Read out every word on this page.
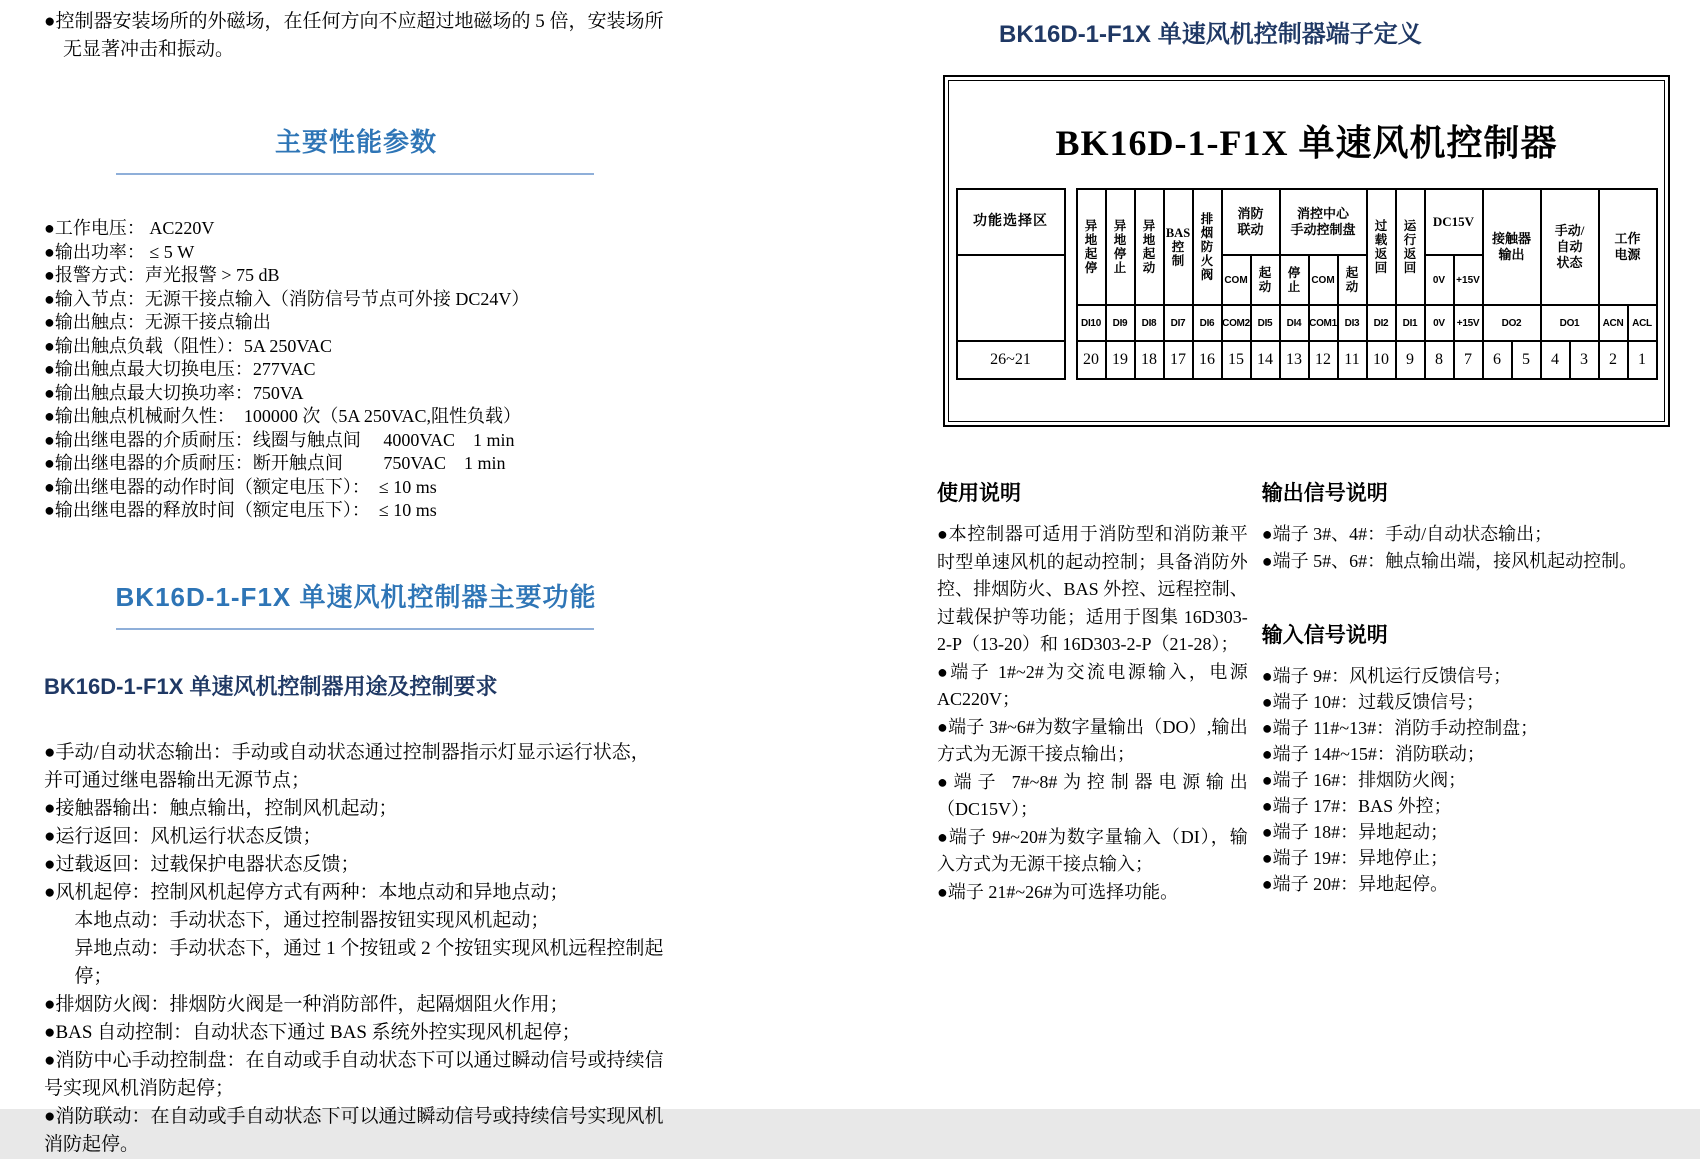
●控制器安装场所的外磁场，在任何方向不应超过地磁场的 5 倍，安装场所无显著冲击和振动。
主要性能参数
●工作电压： AC220V
●输出功率： ≤ 5 W
●报警方式：声光报警 > 75 dB
●输入节点：无源干接点输入（消防信号节点可外接 DC24V）
●输出触点：无源干接点输出
●输出触点负载（阻性）：5A 250VAC
●输出触点最大切换电压：277VAC
●输出触点最大切换功率：750VA
●输出触点机械耐久性：  100000 次（5A 250VAC,阻性负载）
●输出继电器的介质耐压：线圈与触点间　 4000VAC　1 min
●输出继电器的介质耐压：断开触点间　　 750VAC　1 min
●输出继电器的动作时间（额定电压下）：  ≤ 10 ms
●输出继电器的释放时间（额定电压下）：  ≤ 10 ms
BK16D-1-F1X 单速风机控制器主要功能
BK16D-1-F1X 单速风机控制器用途及控制要求
●手动/自动状态输出：手动或自动状态通过控制器指示灯显示运行状态，并可通过继电器输出无源节点；
●接触器输出：触点输出，控制风机起动；
●运行返回：风机运行状态反馈；
●过载返回：过载保护电器状态反馈；
●风机起停：控制风机起停方式有两种：本地点动和异地点动；
本地点动：手动状态下，通过控制器按钮实现风机起动；
异地点动：手动状态下，通过 1 个按钮或 2 个按钮实现风机远程控制起停；
●排烟防火阀：排烟防火阀是一种消防部件，起隔烟阻火作用；
●BAS 自动控制：自动状态下通过 BAS 系统外控实现风机起停；
●消防中心手动控制盘：在自动或手自动状态下可以通过瞬动信号或持续信号实现风机消防起停；
●消防联动：在自动或手自动状态下可以通过瞬动信号或持续信号实现风机消防起停。
BK16D-1-F1X 单速风机控制器端子定义
BK16D-1-F1X 单速风机控制器
功能选择区
26~21
异
地
起
停
DI10
20
异
地
停
止
DI9
19
异
地
起
动
DI8
18
BAS
控
制
DI7
17
排
烟
防
火
阀
DI6
16
消防
联动
COM
COM2
15
起
动
DI5
14
消控中心
手动控制盘
停
止
DI4
13
COM
COM1
12
起
动
DI3
11
过
载
返
回
DI2
10
运
行
返
回
DI1
9
DC15V
0V
0V
8
+15V
+15V
7
接触器
输出
DO2
6 5
手动/
自动
状态
DO1
4 3
工作
电源
ACN
2
ACL
1
使用说明
●本控制器可适用于消防型和消防兼平时型单速风机的起动控制；具备消防外控、排烟防火、BAS 外控、远程控制、过载保护等功能；适用于图集 16D303-2-P（13-20）和 16D303-2-P（21-28）；
●端子 1#~2#为交流电源输入，电源 AC220V；
●端子 3#~6#为数字量输出（DO）,输出方式为无源干接点输出；
●端子 7#~8#为控制器电源输出（DC15V）；
●端子 9#~20#为数字量输入（DI），输入方式为无源干接点输入；
●端子 21#~26#为可选择功能。
输出信号说明
●端子 3#、4#：手动/自动状态输出；
●端子 5#、6#：触点输出端，接风机起动控制。
输入信号说明
●端子 9#：风机运行反馈信号；
●端子 10#：过载反馈信号；
●端子 11#~13#：消防手动控制盘；
●端子 14#~15#：消防联动；
●端子 16#：排烟防火阀；
●端子 17#：BAS 外控；
●端子 18#：异地起动；
●端子 19#：异地停止；
●端子 20#：异地起停。
